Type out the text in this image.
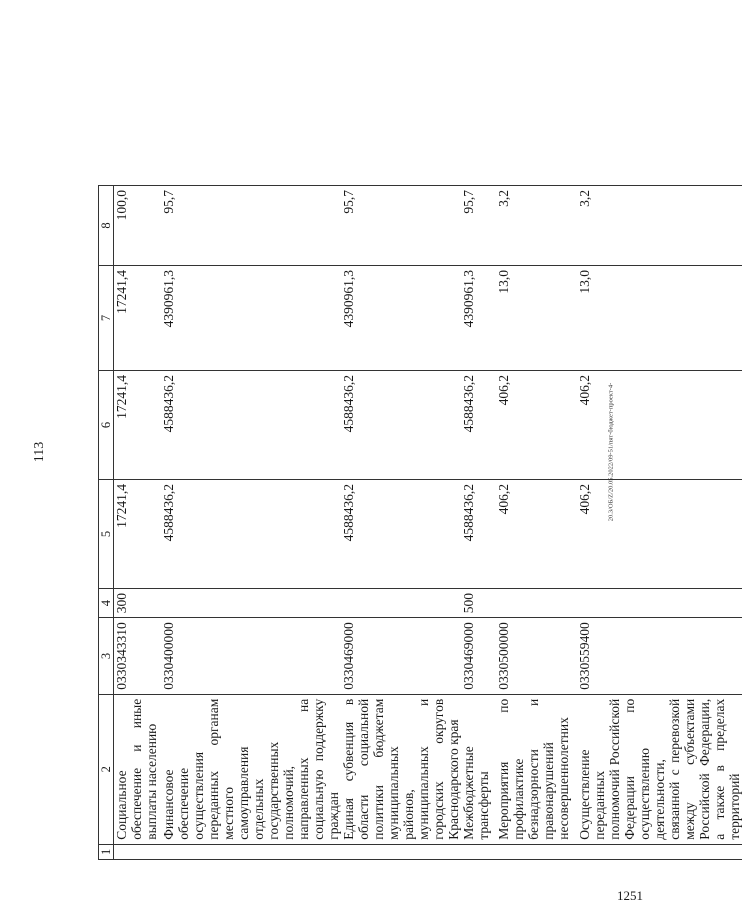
113	20.3/ОБ/Z/20.05.2022/09-51/пят-бюджет-проект-4-
1251
1	2	3	4	5	6	7	8
	Социальное обеспечение и иные выплаты населению	0330343310	300	17241,4	17241,4	17241,4	100,0
	Финансовое обеспечение осуществления переданных органам местного самоуправления отдельных государственных полномочий, направленных на социальную поддержку граждан	0330400000		4588436,2	4588436,2	4390961,3	95,7
	Единая субвенция в области социальной политики бюджетам муниципальных районов, муниципальных и городских округов Краснодарского края	0330469000		4588436,2	4588436,2	4390961,3	95,7
	Межбюджетные трансферты	0330469000	500	4588436,2	4588436,2	4390961,3	95,7
	Мероприятия по профилактике безнадзорности и правонарушений несовершеннолетних	0330500000		406,2	406,2	13,0	3,2
	Осуществление переданных полномочий Российской Федерации по осуществлению деятельности, связанной с перевозкой между субъектами Российской Федерации, а также в пределах территорий	0330559400		406,2	406,2	13,0	3,2
